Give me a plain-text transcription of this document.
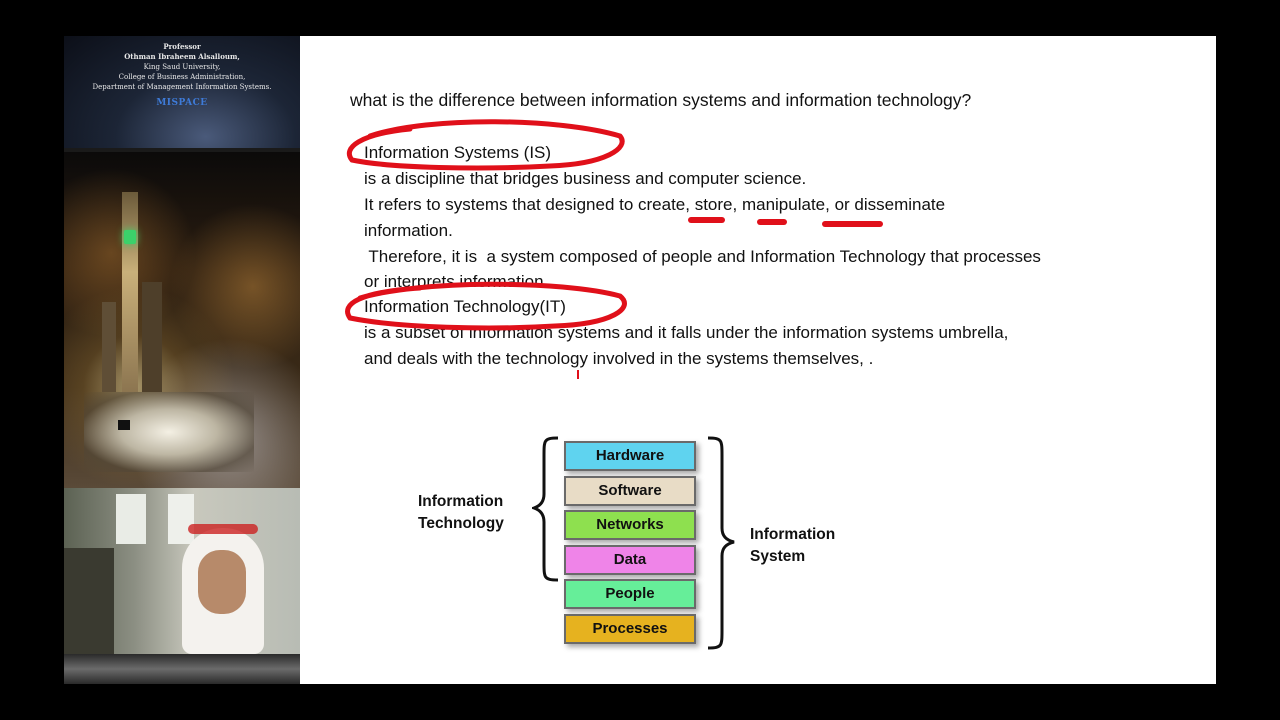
Professor
Othman Ibraheem Alsalloum,
King Saud University,
College of Business Administration,
Department of Management Information Systems.
MISPACE	what is the difference between information systems and information technology?
Information Systems (IS)
is a discipline that bridges business and computer science.
It refers to systems that designed to create, store, manipulate, or disseminate
information.
Therefore, it is  a system composed of people and Information Technology that processes
or interprets information.
Information Technology(IT)
is a subset of information systems and it falls under the information systems umbrella,
and deals with the technology involved in the systems themselves, .
Information Technology
Information System
Hardware
Software
Networks
Data
People
Processes
